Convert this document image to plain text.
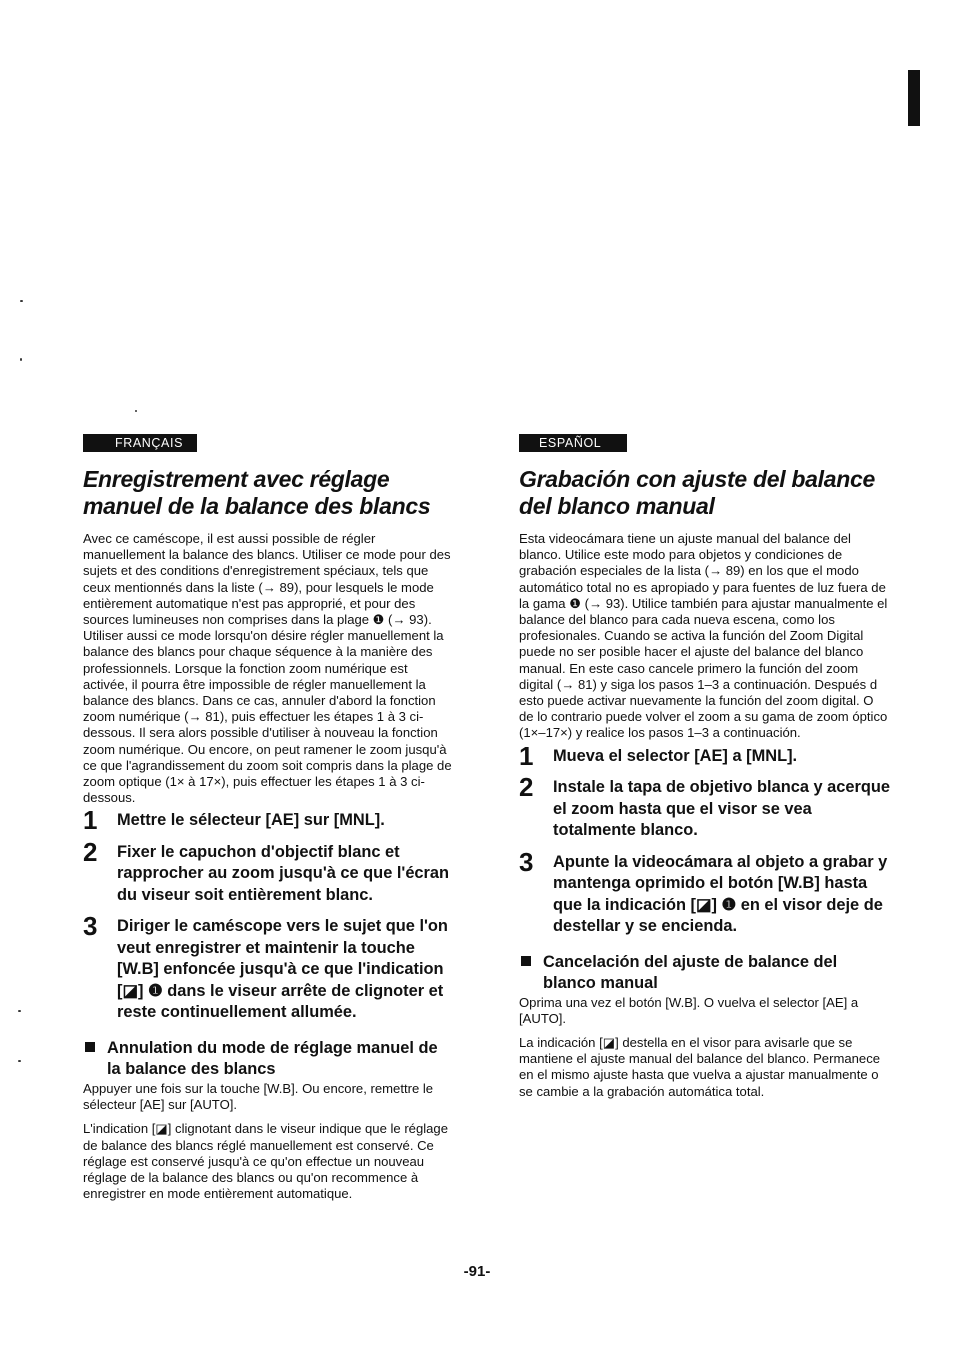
FRANÇAIS
Enregistrement avec réglage manuel de la balance des blancs

Avec ce caméscope, il est aussi possible de régler manuellement la balance des blancs. Utiliser ce mode pour des sujets et des conditions d'enregistrement spéciaux, tels que ceux mentionnés dans la liste (→ 89), pour lesquels le mode entièrement automatique n'est pas approprié, et pour des sources lumineuses non comprises dans la plage ❶ (→ 93). Utiliser aussi ce mode lorsqu'on désire régler manuellement la balance des blancs pour chaque séquence à la manière des professionnels. Lorsque la fonction zoom numérique est activée, il pourra être impossible de régler manuellement la balance des blancs. Dans ce cas, annuler d'abord la fonction zoom numérique (→ 81), puis effectuer les étapes 1 à 3 ci-dessous. Il sera alors possible d'utiliser à nouveau la fonction zoom numérique. Ou encore, on peut ramener le zoom jusqu'à ce que l'agrandissement du zoom soit compris dans la plage de zoom optique (1× à 17×), puis effectuer les étapes 1 à 3 ci-dessous.

1 Mettre le sélecteur [AE] sur [MNL].
2 Fixer le capuchon d'objectif blanc et rapprocher au zoom jusqu'à ce que l'écran du viseur soit entièrement blanc.
3 Diriger le caméscope vers le sujet que l'on veut enregistrer et maintenir la touche [W.B] enfoncée jusqu'à ce que l'indication [◪] ❶ dans le viseur arrête de clignoter et reste continuellement allumée.
Annulation du mode de réglage manuel de la balance des blancs

Appuyer une fois sur la touche [W.B]. Ou encore, remettre le sélecteur [AE] sur [AUTO].

L'indication [◪] clignotant dans le viseur indique que le réglage de balance des blancs réglé manuellement est conservé. Ce réglage est conservé jusqu'à ce qu'on effectue un nouveau réglage de la balance des blancs ou qu'on recommence à enregistrer en mode entièrement automatique.

ESPAÑOL
Grabación con ajuste del balance del blanco manual

Esta videocámara tiene un ajuste manual del balance del blanco. Utilice este modo para objetos y condiciones de grabación especiales de la lista (→ 89) en los que el modo automático total no es apropiado y para fuentes de luz fuera de la gama ❶ (→ 93). Utilice también para ajustar manualmente el balance del blanco para cada nueva escena, como los profesionales. Cuando se activa la función del Zoom Digital puede no ser posible hacer el ajuste del balance del blanco manual. En este caso cancele primero la función del zoom digital (→ 81) y siga los pasos 1–3 a continuación. Después d esto puede activar nuevamente la función del zoom digital. O de lo contrario puede volver el zoom a su gama de zoom óptico (1×–17×) y realice los pasos 1–3 a continuación.

1 Mueva el selector [AE] a [MNL].
2 Instale la tapa de objetivo blanca y acerque el zoom hasta que el visor se vea totalmente blanco.
3 Apunte la videocámara al objeto a grabar y mantenga oprimido el botón [W.B] hasta que la indicación [◪] ❶ en el visor deje de destellar y se encienda.
Cancelación del ajuste de balance del blanco manual

Oprima una vez el botón [W.B]. O vuelva el selector [AE] a [AUTO].

La indicación [◪] destella en el visor para avisarle que se mantiene el ajuste manual del balance del blanco. Permanece en el mismo ajuste hasta que vuelva a ajustar manualmente o se cambie a la grabación automática total.

-91-
